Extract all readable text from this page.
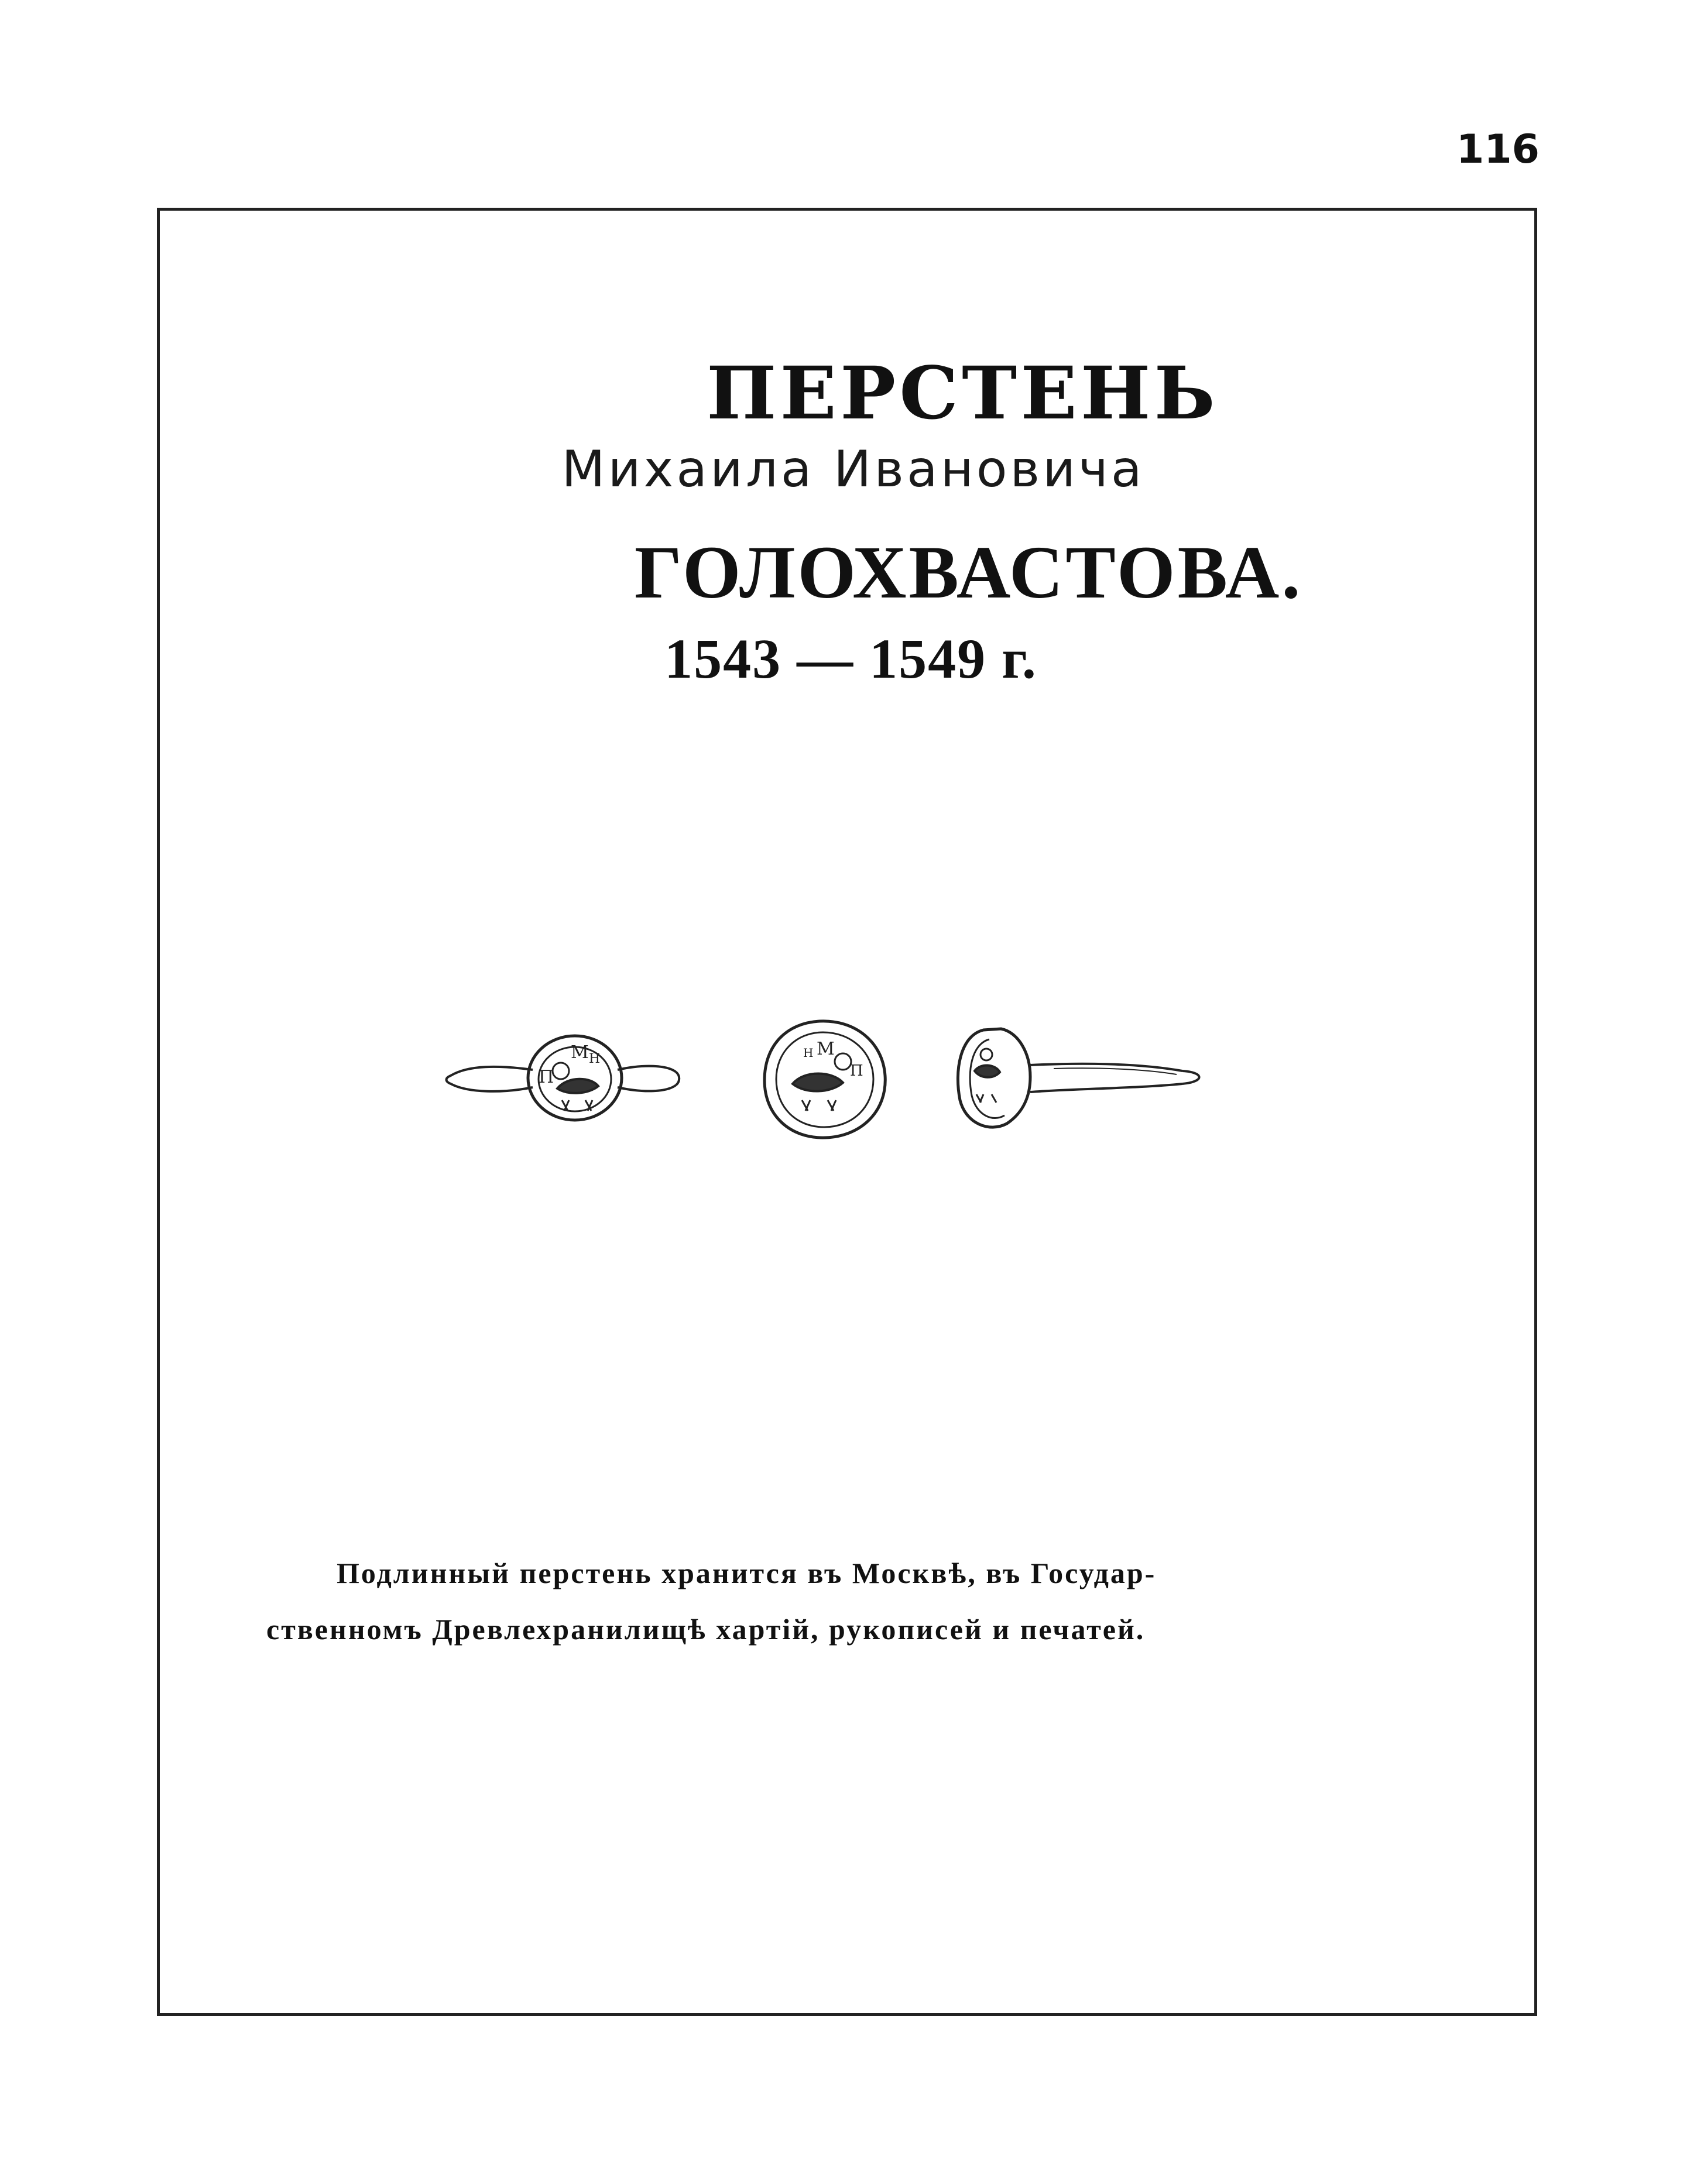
116
ПЕРСТЕНЬ
Михаила Ивановича
ГОЛОХВАСТОВА.
1543 — 1549 г.
П
М Н	Н М
П

Подлинный перстень хранится въ Москвѣ, въ Государ-

ственномъ Древлехранилищѣ хартій, рукописей и печатей.
